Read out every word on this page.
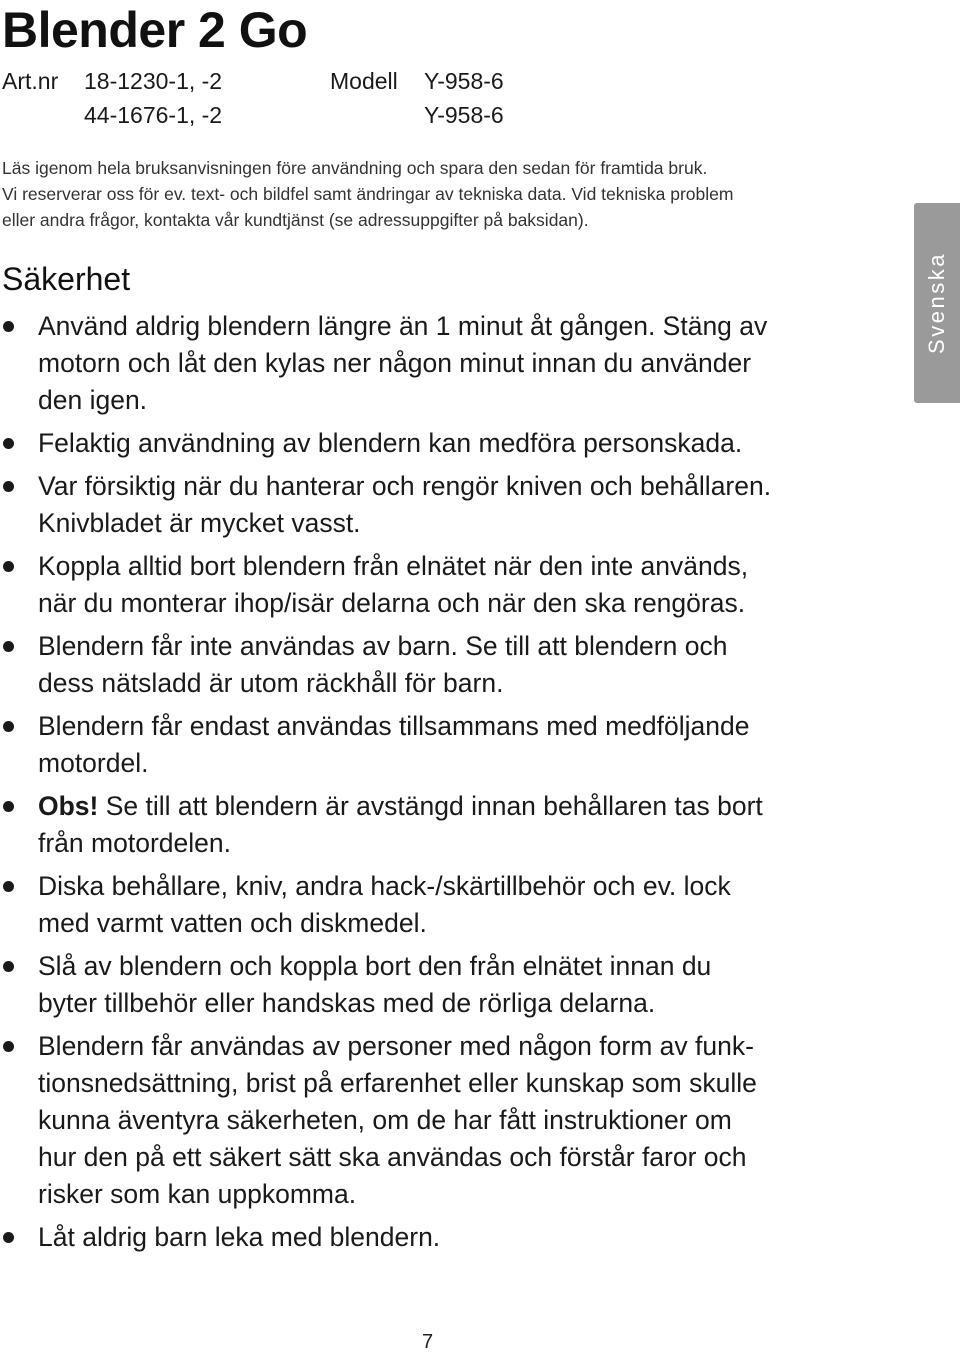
Blender 2 Go
Art.nr 18-1230-1, -2
44-1676-1, -2
Modell Y-958-6
Y-958-6
Läs igenom hela bruksanvisningen före användning och spara den sedan för framtida bruk.
Vi reserverar oss för ev. text- och bildfel samt ändringar av tekniska data. Vid tekniska problem
eller andra frågor, kontakta vår kundtjänst (se adressuppgifter på baksidan).
Säkerhet
Använd aldrig blendern längre än 1 minut åt gången. Stäng av
motorn och låt den kylas ner någon minut innan du använder
den igen.
Felaktig användning av blendern kan medföra personskada.
Var försiktig när du hanterar och rengör kniven och behållaren.
Knivbladet är mycket vasst.
Koppla alltid bort blendern från elnätet när den inte används,
när du monterar ihop/isär delarna och när den ska rengöras.
Blendern får inte användas av barn. Se till att blendern och
dess nätsladd är utom räckhåll för barn.
Blendern får endast användas tillsammans med medföljande
motordel.
Obs! Se till att blendern är avstängd innan behållaren tas bort
från motordelen.
Diska behållare, kniv, andra hack-/skärtillbehör och ev. lock
med varmt vatten och diskmedel.
Slå av blendern och koppla bort den från elnätet innan du
byter tillbehör eller handskas med de rörliga delarna.
Blendern får användas av personer med någon form av funk-
tionsnedsättning, brist på erfarenhet eller kunskap som skulle
kunna äventyra säkerheten, om de har fått instruktioner om
hur den på ett säkert sätt ska användas och förstår faror och
risker som kan uppkomma.
Låt aldrig barn leka med blendern.
Svenska
7
